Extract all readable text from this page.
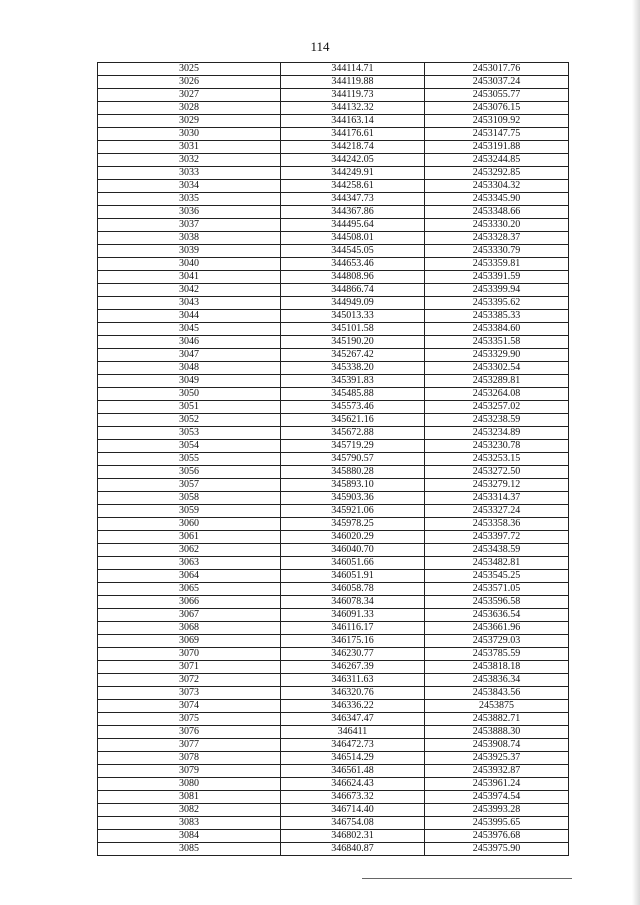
114
3025	344114.71	2453017.76
3026	344119.88	2453037.24
3027	344119.73	2453055.77
3028	344132.32	2453076.15
3029	344163.14	2453109.92
3030	344176.61	2453147.75
3031	344218.74	2453191.88
3032	344242.05	2453244.85
3033	344249.91	2453292.85
3034	344258.61	2453304.32
3035	344347.73	2453345.90
3036	344367.86	2453348.66
3037	344495.64	2453330.20
3038	344508.01	2453328.37
3039	344545.05	2453330.79
3040	344653.46	2453359.81
3041	344808.96	2453391.59
3042	344866.74	2453399.94
3043	344949.09	2453395.62
3044	345013.33	2453385.33
3045	345101.58	2453384.60
3046	345190.20	2453351.58
3047	345267.42	2453329.90
3048	345338.20	2453302.54
3049	345391.83	2453289.81
3050	345485.88	2453264.08
3051	345573.46	2453257.02
3052	345621.16	2453238.59
3053	345672.88	2453234.89
3054	345719.29	2453230.78
3055	345790.57	2453253.15
3056	345880.28	2453272.50
3057	345893.10	2453279.12
3058	345903.36	2453314.37
3059	345921.06	2453327.24
3060	345978.25	2453358.36
3061	346020.29	2453397.72
3062	346040.70	2453438.59
3063	346051.66	2453482.81
3064	346051.91	2453545.25
3065	346058.78	2453571.05
3066	346078.34	2453596.58
3067	346091.33	2453636.54
3068	346116.17	2453661.96
3069	346175.16	2453729.03
3070	346230.77	2453785.59
3071	346267.39	2453818.18
3072	346311.63	2453836.34
3073	346320.76	2453843.56
3074	346336.22	2453875
3075	346347.47	2453882.71
3076	346411	2453888.30
3077	346472.73	2453908.74
3078	346514.29	2453925.37
3079	346561.48	2453932.87
3080	346624.43	2453961.24
3081	346673.32	2453974.54
3082	346714.40	2453993.28
3083	346754.08	2453995.65
3084	346802.31	2453976.68
3085	346840.87	2453975.90
